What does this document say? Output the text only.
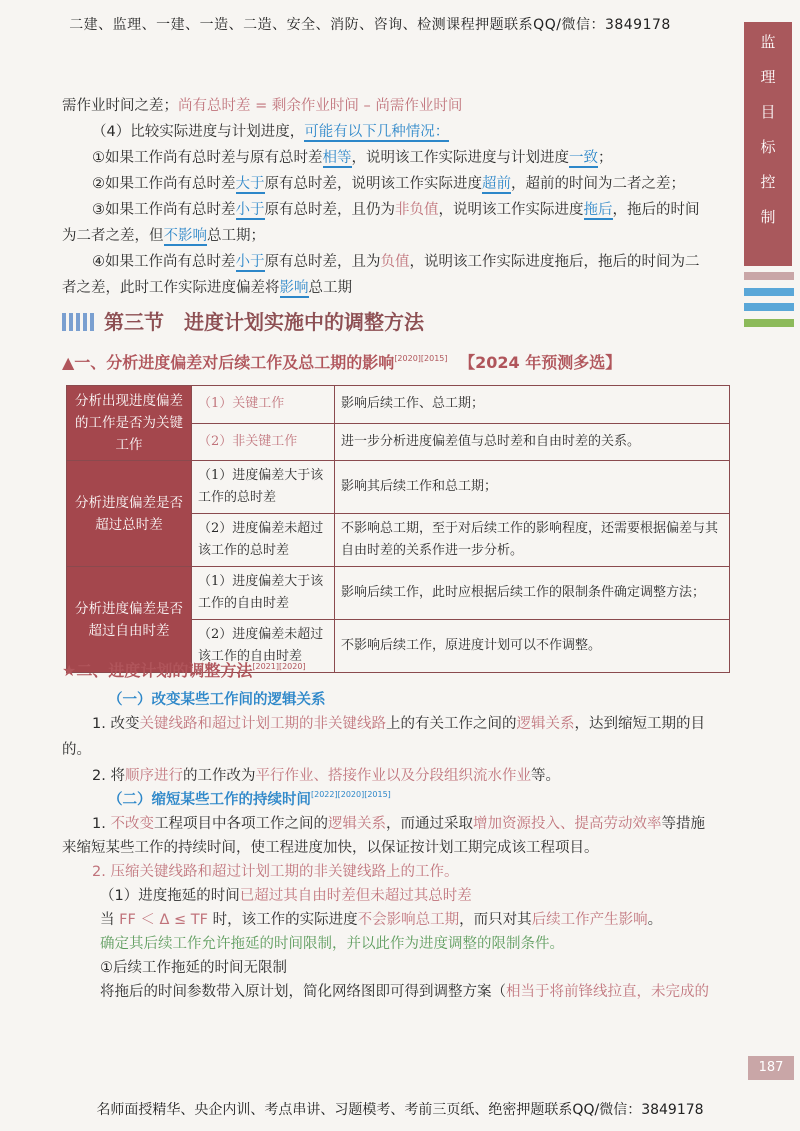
二建、监理、一建、一造、二造、安全、消防、咨询、检测课程押题联系QQ/微信：3849178
监
理
目
标
控
制
需作业时间之差；尚有总时差 = 剩余作业时间 – 尚需作业时间
（4）比较实际进度与计划进度，可能有以下几种情况：
①如果工作尚有总时差与原有总时差相等，说明该工作实际进度与计划进度一致；
②如果工作尚有总时差大于原有总时差，说明该工作实际进度超前，超前的时间为二者之差；
③如果工作尚有总时差小于原有总时差，且仍为非负值，说明该工作实际进度拖后，拖后的时间
为二者之差，但不影响总工期；
④如果工作尚有总时差小于原有总时差，且为负值，说明该工作实际进度拖后，拖后的时间为二
者之差，此时工作实际进度偏差将影响总工期
第三节　进度计划实施中的调整方法
▲一、分析进度偏差对后续工作及总工期的影响[2020][2015] 【2024 年预测多选】
分析出现进度偏差的工作是否为关键工作	（1）关键工作	影响后续工作、总工期；
	（2）非关键工作	进一步分析进度偏差值与总时差和自由时差的关系。
分析进度偏差是否超过总时差	（1）进度偏差大于该工作的总时差	影响其后续工作和总工期；
	（2）进度偏差未超过该工作的总时差	不影响总工期，至于对后续工作的影响程度，还需要根据偏差与其自由时差的关系作进一步分析。
分析进度偏差是否超过自由时差	（1）进度偏差大于该工作的自由时差	影响后续工作，此时应根据后续工作的限制条件确定调整方法；
	（2）进度偏差未超过该工作的自由时差	不影响后续工作，原进度计划可以不作调整。
★二、进度计划的调整方法[2021][2020]
（一）改变某些工作间的逻辑关系
1. 改变关键线路和超过计划工期的非关键线路上的有关工作之间的逻辑关系，达到缩短工期的目
的。
2. 将顺序进行的工作改为平行作业、搭接作业以及分段组织流水作业等。
（二）缩短某些工作的持续时间[2022][2020][2015]
1. 不改变工程项目中各项工作之间的逻辑关系，而通过采取增加资源投入、提高劳动效率等措施
来缩短某些工作的持续时间，使工程进度加快，以保证按计划工期完成该工程项目。
2. 压缩关键线路和超过计划工期的非关键线路上的工作。
（1）进度拖延的时间已超过其自由时差但未超过其总时差
当 FF ＜ Δ ≤ TF 时，该工作的实际进度不会影响总工期，而只对其后续工作产生影响。
确定其后续工作允许拖延的时间限制，并以此作为进度调整的限制条件。
①后续工作拖延的时间无限制
将拖后的时间参数带入原计划，简化网络图即可得到调整方案（相当于将前锋线拉直，未完成的
187
名师面授精华、央企内训、考点串讲、习题模考、考前三页纸、绝密押题联系QQ/微信：3849178
